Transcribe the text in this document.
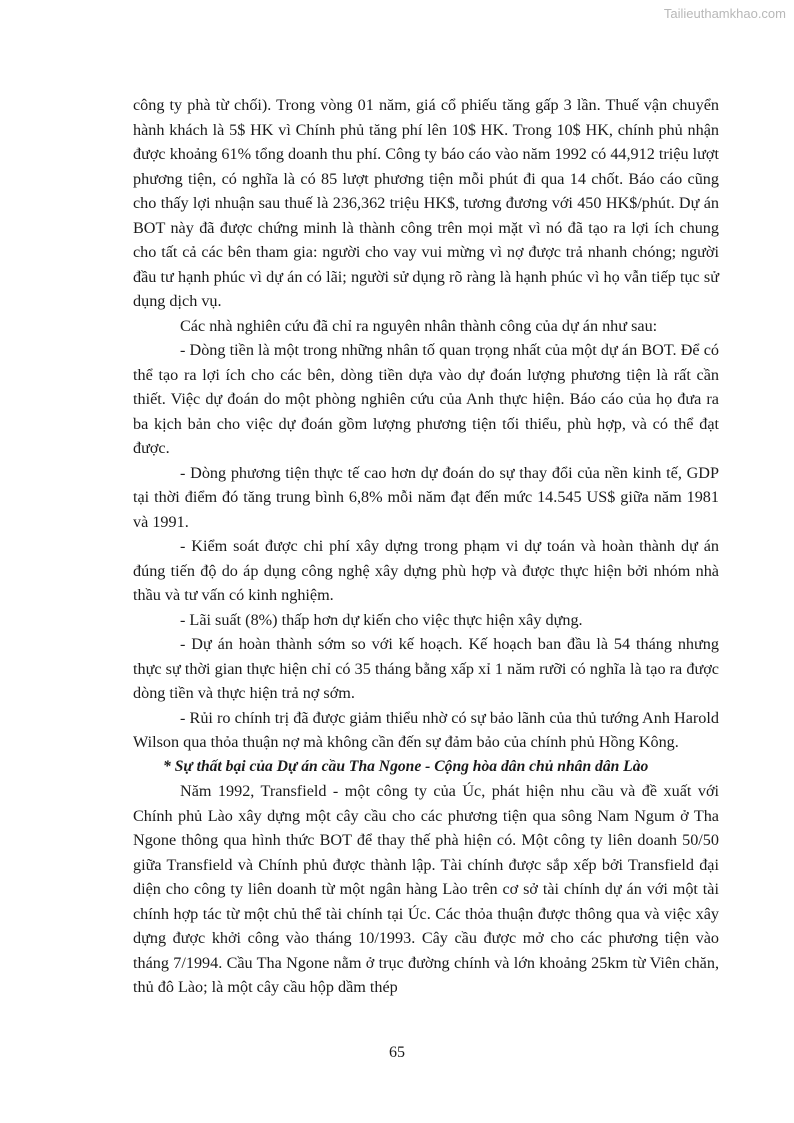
Tailieuthamkhao.com

công ty phà từ chối). Trong vòng 01 năm, giá cổ phiếu tăng gấp 3 lần. Thuế vận chuyển hành khách là 5$ HK vì Chính phủ tăng phí lên 10$ HK. Trong 10$ HK, chính phủ nhận được khoảng 61% tổng doanh thu phí. Công ty báo cáo vào năm 1992 có 44,912 triệu lượt phương tiện, có nghĩa là có 85 lượt phương tiện mỗi phút đi qua 14 chốt. Báo cáo cũng cho thấy lợi nhuận sau thuế là 236,362 triệu HK$, tương đương với 450 HK$/phút. Dự án BOT này đã được chứng minh là thành công trên mọi mặt vì nó đã tạo ra lợi ích chung cho tất cả các bên tham gia: người cho vay vui mừng vì nợ được trả nhanh chóng; người đầu tư hạnh phúc vì dự án có lãi; người sử dụng rõ ràng là hạnh phúc vì họ vẫn tiếp tục sử dụng dịch vụ.

Các nhà nghiên cứu đã chỉ ra nguyên nhân thành công của dự án như sau:

- Dòng tiền là một trong những nhân tố quan trọng nhất của một dự án BOT. Để có thể tạo ra lợi ích cho các bên, dòng tiền dựa vào dự đoán lượng phương tiện là rất cần thiết. Việc dự đoán do một phòng nghiên cứu của Anh thực hiện. Báo cáo của họ đưa ra ba kịch bản cho việc dự đoán gồm lượng phương tiện tối thiểu, phù hợp, và có thể đạt được.

- Dòng phương tiện thực tế cao hơn dự đoán do sự thay đổi của nền kinh tế, GDP tại thời điểm đó tăng trung bình 6,8% mỗi năm đạt đến mức 14.545 US$ giữa năm 1981 và 1991.

- Kiểm soát được chi phí xây dựng trong phạm vi dự toán và hoàn thành dự án đúng tiến độ do áp dụng công nghệ xây dựng phù hợp và được thực hiện bởi nhóm nhà thầu và tư vấn có kinh nghiệm.

- Lãi suất (8%) thấp hơn dự kiến cho việc thực hiện xây dựng.

- Dự án hoàn thành sớm so với kế hoạch. Kế hoạch ban đầu là 54 tháng nhưng thực sự thời gian thực hiện chỉ có 35 tháng bằng xấp xỉ 1 năm rưỡi có nghĩa là tạo ra được dòng tiền và thực hiện trả nợ sớm.

- Rủi ro chính trị đã được giảm thiểu nhờ có sự bảo lãnh của thủ tướng Anh Harold Wilson qua thỏa thuận nợ mà không cần đến sự đảm bảo của chính phủ Hồng Kông.

* Sự thất bại của Dự án cầu Tha Ngone - Cộng hòa dân chủ nhân dân Lào

Năm 1992, Transfield - một công ty của Úc, phát hiện nhu cầu và đề xuất với Chính phủ Lào xây dựng một cây cầu cho các phương tiện qua sông Nam Ngum ở Tha Ngone thông qua hình thức BOT để thay thế phà hiện có. Một công ty liên doanh 50/50 giữa Transfield và Chính phủ được thành lập. Tài chính được sắp xếp bởi Transfield đại diện cho công ty liên doanh từ một ngân hàng Lào trên cơ sở tài chính dự án với một tài chính hợp tác từ một chủ thể tài chính tại Úc. Các thỏa thuận được thông qua và việc xây dựng được khởi công vào tháng 10/1993. Cây cầu được mở cho các phương tiện vào tháng 7/1994. Cầu Tha Ngone nằm ở trục đường chính và lớn khoảng 25km từ Viên chăn, thủ đô Lào; là một cây cầu hộp dầm thép

65
